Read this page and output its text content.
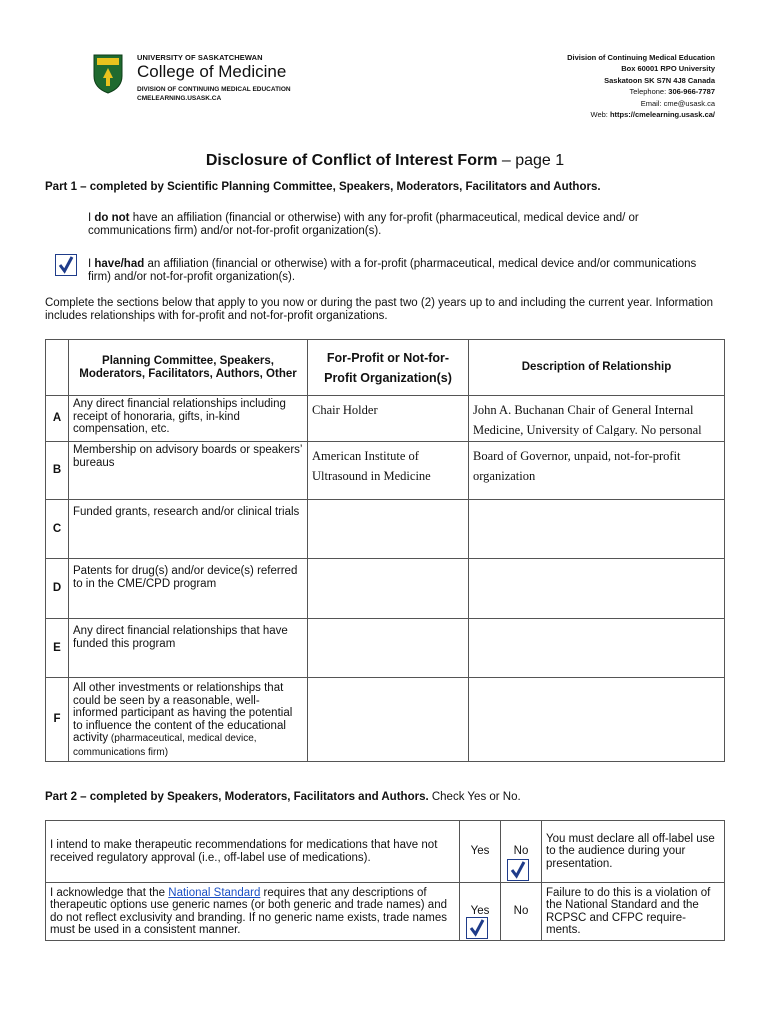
UNIVERSITY OF SASKATCHEWAN
College of Medicine
DIVISION OF CONTINUING MEDICAL EDUCATION
CMELEARNING.USASK.CA
Division of Continuing Medical Education
Box 60001 RPO University
Saskatoon SK S7N 4J8 Canada
Telephone: 306-966-7787
Email: cme@usask.ca
Web: https://cmelearning.usask.ca/
Disclosure of Conflict of Interest Form – page 1
Part 1 – completed by Scientific Planning Committee, Speakers, Moderators, Facilitators and Authors.
I do not have an affiliation (financial or otherwise) with any for-profit (pharmaceutical, medical device and/ or communications firm) and/or not-for-profit organization(s).
I have/had an affiliation (financial or otherwise) with a for-profit (pharmaceutical, medical device and/or communications firm) and/or not-for-profit organization(s).
Complete the sections below that apply to you now or during the past two (2) years up to and including the current year. Information includes relationships with for-profit and not-for-profit organizations.
	Planning Committee, Speakers, Moderators, Facilitators, Authors, Other	For-Profit or Not-for-Profit Organization(s)	Description of Relationship
A	Any direct financial relationships including receipt of honoraria, gifts, in-kind compensation, etc.	Chair Holder	John A. Buchanan Chair of General Internal Medicine, University of Calgary. No personal

B	Membership on advisory boards or speakers’ bureaus	American Institute of Ultrasound in Medicine	Board of Governor, unpaid, not-for-profit organization
C	Funded grants, research and/or clinical trials		
D	Patents for drug(s) and/or device(s) referred to in the CME/CPD program		
E	Any direct financial relationships that have funded this program		
F	All other investments or relationships that could be seen by a reasonable, well-informed participant as having the potential to influence the content of the educational activity (pharmaceutical, medical device, communications firm)		
Part 2 – completed by Speakers, Moderators, Facilitators and Authors. Check Yes or No.
I intend to make therapeutic recommendations for medications that have not received regulatory approval (i.e., off-label use of medications).	Yes	No	You must declare all off-label use to the audience during your presentation.
I acknowledge that the National Standard requires that any descriptions of therapeutic options use generic names (or both generic and trade names) and do not reflect exclusivity and branding. If no generic name exists, trade names must be used in a consistent manner.	Yes	No	Failure to do this is a violation of the National Standard and the RCPSC and CFPC require-ments.
